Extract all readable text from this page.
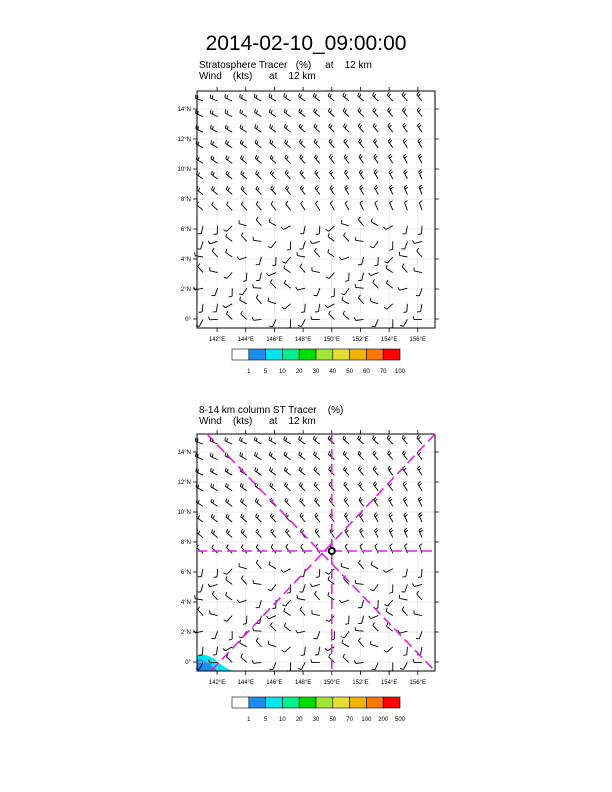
2014-02-10_09:00:00
Stratosphere Tracer   (%)     at    12 km
Wind    (kts)      at    12 km
8-14 km column ST Tracer    (%)
Wind    (kts)      at    12 km
142°E 144°E 146°E 148°E 150°E 152°E 154°E 156°E
0°
2°N
4°N
6°N
8°N
10°N
12°N
14°N
1 5 10 20 30 40 50 60 70 100
142°E 144°E 146°E 148°E 150°E 152°E 154°E 156°E
0°
2°N
4°N
6°N
8°N
10°N
12°N
14°N
1 5 10 20 30 50 70 100 200 500
